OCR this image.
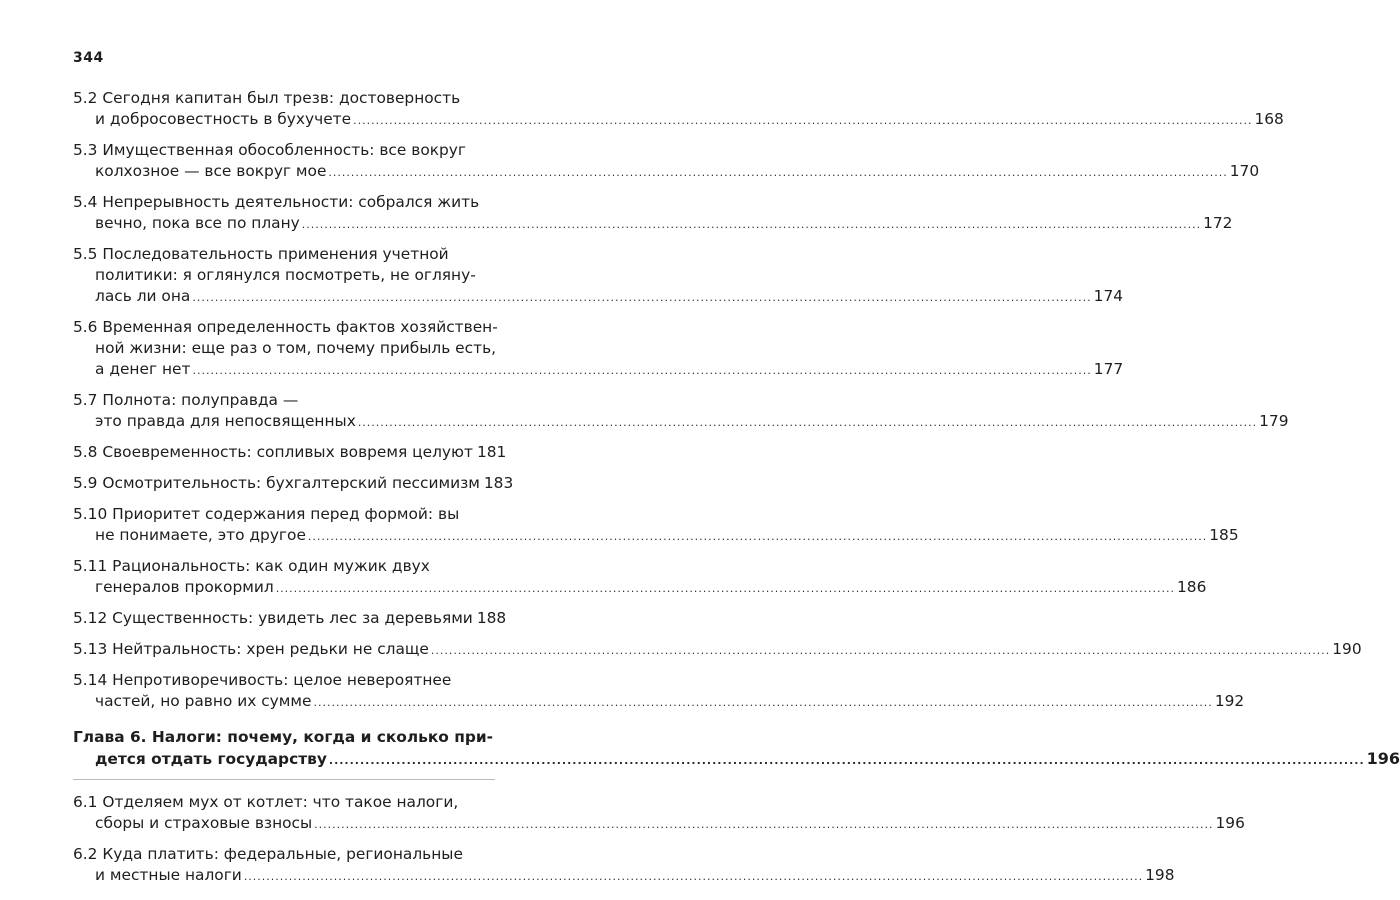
344
5.2 Сегодня капитан был трезв: достоверность
и добросовестность в бухучете ........................................................................................................................................................................................................ 168
5.3 Имущественная обособленность: все вокруг
колхозное — все вокруг мое ........................................................................................................................................................................................................ 170
5.4 Непрерывность деятельности: собрался жить
вечно, пока все по плану ........................................................................................................................................................................................................ 172
5.5 Последовательность применения учетной
политики: я оглянулся посмотреть, не огляну-
лась ли она ........................................................................................................................................................................................................ 174
5.6 Временная определенность фактов хозяйствен-
ной жизни: еще раз о том, почему прибыль есть,
а денег нет ........................................................................................................................................................................................................ 177
5.7 Полнота: полуправда —
это правда для непосвященных ........................................................................................................................................................................................................ 179
5.8 Своевременность: сопливых вовремя целуют 181
5.9 Осмотрительность: бухгалтерский пессимизм 183
5.10 Приоритет содержания перед формой: вы
не понимаете, это другое ........................................................................................................................................................................................................ 185
5.11 Рациональность: как один мужик двух
генералов прокормил ........................................................................................................................................................................................................ 186
5.12 Существенность: увидеть лес за деревьями 188
5.13 Нейтральность: хрен редьки не слаще ........................................................................................................................................................................................................ 190
5.14 Непротиворечивость: целое невероятнее
частей, но равно их сумме ........................................................................................................................................................................................................ 192
Глава 6. Налоги: почему, когда и сколько при-
дется отдать государству ........................................................................................................................................................................................................ 196
6.1 Отделяем мух от котлет: что такое налоги,
сборы и страховые взносы ........................................................................................................................................................................................................ 196
6.2 Куда платить: федеральные, региональные
и местные налоги ........................................................................................................................................................................................................ 198
